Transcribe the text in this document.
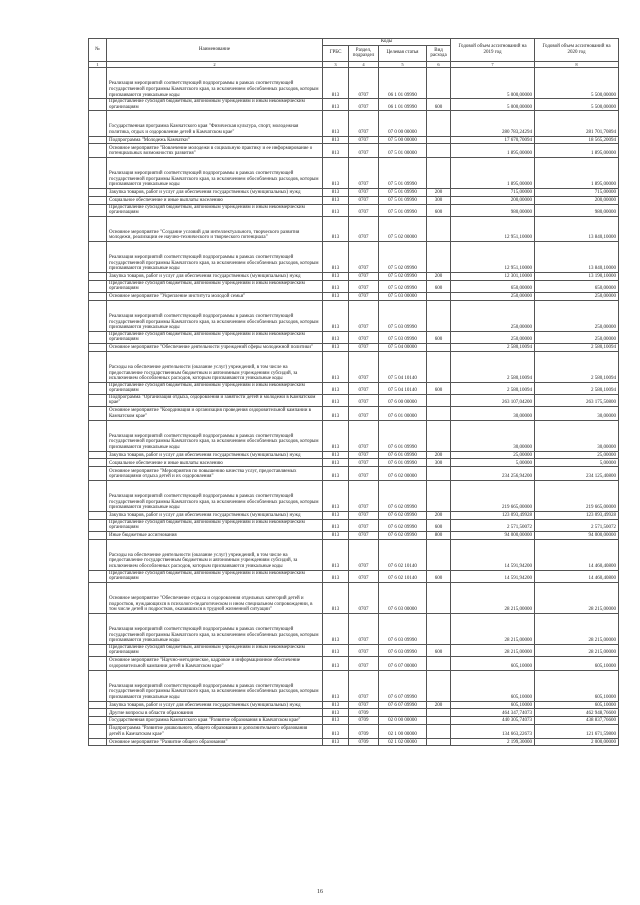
№	Наименование	Коды				Годовой объем ассигнований на 2019 год	Годовой объем ассигнований на 2020 год
		ГРБС	Раздел, подраздел	Целевая статья	Вид расхода		
1	2	3	4	5	6	7	8
	Реализация мероприятий соответствующей подпрограммы в рамках соответствующей государственной программы Камчатского края, за исключением обособленных расходов, которым присваиваются уникальные коды	813	0707	06 1 01 09990		5 000,00000	5 500,00000
	Предоставление субсидий бюджетным, автономным учреждениям и иным некоммерческим организациям	813	0707	06 1 01 09990	600	5 000,00000	5 500,00000
	Государственная программа Камчатского края "Физическая культура, спорт, молодежная политика, отдых и оздоровление детей в Камчатском крае"	813	0707	07 0 00 00000		280 783,24294	281 701,70894
	Подпрограмма "Молодежь Камчатки"	813	0707	07 5 00 00000		17 670,70094	18 565,20094
	Основное мероприятие "Вовлечение молодежи в социальную практику и ее информирование о потенциальных возможностях развития"	813	0707	07 5 01 00000		1 895,00000	1 895,00000
	Реализация мероприятий соответствующей подпрограммы в рамках соответствующей государственной программы Камчатского края, за исключением обособленных расходов, которым присваиваются уникальные коды	813	0707	07 5 01 09990		1 895,00000	1 895,00000
	Закупка товаров, работ и услуг для обеспечения государственных (муниципальных) нужд	813	0707	07 5 01 09990	200	715,00000	715,00000
	Социальное обеспечение и иные выплаты населению	813	0707	07 5 01 09990	300	200,00000	200,00000
	Предоставление субсидий бюджетным, автономным учреждениям и иным некоммерческим организациям	813	0707	07 5 01 09990	600	980,00000	980,00000
	Основное мероприятие "Создание условий для интеллектуального, творческого развития молодежи, реализации ее научно-технического и творческого потенциала"	813	0707	07 5 02 00000		12 951,10000	13 840,10000
	Реализация мероприятий соответствующей подпрограммы в рамках соответствующей государственной программы Камчатского края, за исключением обособленных расходов, которым присваиваются уникальные коды	813	0707	07 5 02 09990		12 951,10000	13 840,10000
	Закупка товаров, работ и услуг для обеспечения государственных (муниципальных) нужд	813	0707	07 5 02 09990	200	12 301,10000	13 190,10000
	Предоставление субсидий бюджетным, автономным учреждениям и иным некоммерческим организациям	813	0707	07 5 02 09990	600	650,00000	650,00000
	Основное мероприятие "Укрепление института молодой семьи"	813	0707	07 5 03 00000		250,00000	250,00000
	Реализация мероприятий соответствующей подпрограммы в рамках соответствующей государственной программы Камчатского края, за исключением обособленных расходов, которым присваиваются уникальные коды	813	0707	07 5 03 09990		250,00000	250,00000
	Предоставление субсидий бюджетным, автономным учреждениям и иным некоммерческим организациям	813	0707	07 5 03 09990	600	250,00000	250,00000
	Основное мероприятие "Обеспечение деятельности учреждений сферы молодежной политики"	813	0707	07 5 04 00000		2 580,10094	2 580,10094
	Расходы на обеспечение деятельности (оказание услуг) учреждений, в том числе на предоставление государственным бюджетным и автономным учреждениям субсидий, за исключением обособленных расходов, которым присваиваются уникальные коды	813	0707	07 5 04 10140		2 580,10094	2 580,10094
	Предоставление субсидий бюджетным, автономным учреждениям и иным некоммерческим организациям	813	0707	07 5 04 10140	600	2 580,10094	2 580,10094
	Подпрограмма "Организация отдыха, оздоровления и занятости детей и молодежи в Камчатском крае"	813	0707	07 6 00 00000		263 107,04200	263 175,50800
	Основное мероприятие "Координация и организация проведения оздоровительной кампании в Камчатском крае"	813	0707	07 6 01 00000		30,00000	30,00000
	Реализация мероприятий соответствующей подпрограммы в рамках соответствующей государственной программы Камчатского края, за исключением обособленных расходов, которым присваиваются уникальные коды	813	0707	07 6 01 09990		30,00000	30,00000
	Закупка товаров, работ и услуг для обеспечения государственных (муниципальных) нужд	813	0707	07 6 01 09990	200	25,00000	25,00000
	Социальное обеспечение и иные выплаты населению	813	0707	07 6 01 09990	300	5,00000	5,00000
	Основное мероприятие "Мероприятия по повышению качества услуг, предоставляемых организациями отдыха детей и их оздоровления"	813	0707	07 6 02 00000		234 256,94200	234 125,40800
	Реализация мероприятий соответствующей подпрограммы в рамках соответствующей государственной программы Камчатского края, за исключением обособленных расходов, которым присваиваются уникальные коды	813	0707	07 6 02 09990		219 665,00000	219 665,00000
	Закупка товаров, работ и услуг для обеспечения государственных (муниципальных) нужд	813	0707	07 6 02 09990	200	123 093,49928	123 093,49928
	Предоставление субсидий бюджетным, автономным учреждениям и иным некоммерческим организациям	813	0707	07 6 02 09990	600	2 571,50072	2 571,50072
	Иные бюджетные ассигнования	813	0707	07 6 02 09990	800	94 000,00000	94 000,00000
	Расходы на обеспечение деятельности (оказание услуг) учреждений, в том числе на предоставление государственным бюджетным и автономным учреждениям субсидий, за исключением обособленных расходов, которым присваиваются уникальные коды	813	0707	07 6 02 10140		14 591,94200	14 460,40800
	Предоставление субсидий бюджетным, автономным учреждениям и иным некоммерческим организациям	813	0707	07 6 02 10140	600	14 591,94200	14 460,40800
	Основное мероприятие "Обеспечение отдыха и оздоровления отдельных категорий детей и подростков, нуждающихся в психолого-педагогическом и ином специальном сопровождении, в том числе детей и подростков, оказавшихся в трудной жизненной ситуации"	813	0707	07 6 03 00000		28 215,00000	28 215,00000
	Реализация мероприятий соответствующей подпрограммы в рамках соответствующей государственной программы Камчатского края, за исключением обособленных расходов, которым присваиваются уникальные коды	813	0707	07 6 03 09990		28 215,00000	28 215,00000
	Предоставление субсидий бюджетным, автономным учреждениям и иным некоммерческим организациям	813	0707	07 6 03 09990	600	28 215,00000	28 215,00000
	Основное мероприятие "Научно-методическое, кадровое и информационное обеспечение оздоровительной кампании детей в Камчатском крае"	813	0707	07 6 07 00000		605,10000	605,10000
	Реализация мероприятий соответствующей подпрограммы в рамках соответствующей государственной программы Камчатского края, за исключением обособленных расходов, которым присваиваются уникальные коды	813	0707	07 6 07 09990		605,10000	605,10000
	Закупка товаров, работ и услуг для обеспечения государственных (муниципальных) нужд	813	0707	07 6 07 09990	200	605,10000	605,10000
	Другие вопросы в области образования	813	0709			464 347,74073	462 948,76600
	Государственная программа Камчатского края "Развитие образования в Камчатском крае"	813	0709	02 0 00 00000		440 305,74073	438 837,76600
	Подпрограмма "Развитие дошкольного, общего образования и дополнительного образования детей в Камчатском крае"	813	0709	02 1 00 00000		134 663,22673	121 671,59800
	Основное мероприятие "Развитие общего образования"	813	0709	02 1 02 00000		2 199,30000	2 000,00000
16
